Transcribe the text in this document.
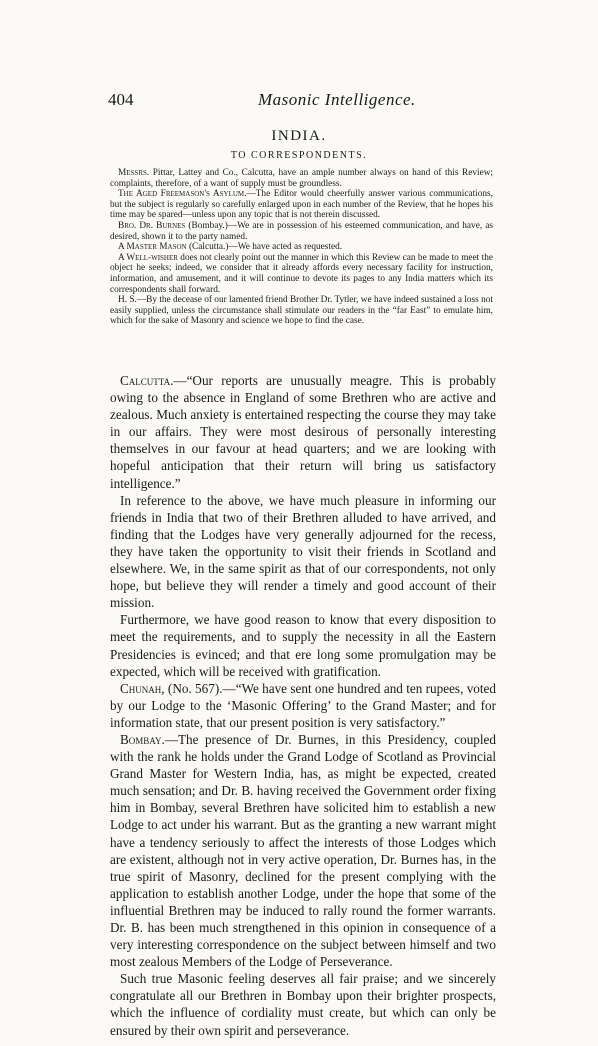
404	Masonic Intelligence.
INDIA.
TO CORRESPONDENTS.

Messrs. Pittar, Lattey and Co., Calcutta, have an ample number always on hand of this Review; complaints, therefore, of a want of supply must be groundless.

The Aged Freemason's Asylum.—The Editor would cheerfully answer various communications, but the subject is regularly so carefully enlarged upon in each number of the Review, that he hopes his time may be spared—unless upon any topic that is not therein discussed.

Bro. Dr. Burnes (Bombay.)—We are in possession of his esteemed communication, and have, as desired, shown it to the party named.

A Master Mason (Calcutta.)—We have acted as requested.

A Well-wisher does not clearly point out the manner in which this Review can be made to meet the object he seeks; indeed, we consider that it already affords every necessary facility for instruction, information, and amusement, and it will continue to devote its pages to any India matters which its correspondents shall forward.

H. S.—By the decease of our lamented friend Brother Dr. Tytler, we have indeed sustained a loss not easily supplied, unless the circumstance shall stimulate our readers in the “far East” to emulate him, which for the sake of Masonry and science we hope to find the case.

Calcutta.—“Our reports are unusually meagre. This is probably owing to the absence in England of some Brethren who are active and zealous. Much anxiety is entertained respecting the course they may take in our affairs. They were most desirous of personally interesting themselves in our favour at head quarters; and we are looking with hopeful anticipation that their return will bring us satisfactory intelligence.”

In reference to the above, we have much pleasure in informing our friends in India that two of their Brethren alluded to have arrived, and finding that the Lodges have very generally adjourned for the recess, they have taken the opportunity to visit their friends in Scotland and elsewhere. We, in the same spirit as that of our correspondents, not only hope, but believe they will render a timely and good account of their mission.

Furthermore, we have good reason to know that every disposition to meet the requirements, and to supply the necessity in all the Eastern Presidencies is evinced; and that ere long some promulgation may be expected, which will be received with gratification.

Chunah, (No. 567).—“We have sent one hundred and ten rupees, voted by our Lodge to the ‘Masonic Offering’ to the Grand Master; and for information state, that our present position is very satisfactory.”

Bombay.—The presence of Dr. Burnes, in this Presidency, coupled with the rank he holds under the Grand Lodge of Scotland as Provincial Grand Master for Western India, has, as might be expected, created much sensation; and Dr. B. having received the Government order fixing him in Bombay, several Brethren have solicited him to establish a new Lodge to act under his warrant. But as the granting a new warrant might have a tendency seriously to affect the interests of those Lodges which are existent, although not in very active operation, Dr. Burnes has, in the true spirit of Masonry, declined for the present complying with the application to establish another Lodge, under the hope that some of the influential Brethren may be induced to rally round the former warrants. Dr. B. has been much strengthened in this opinion in consequence of a very interesting correspondence on the subject between himself and two most zealous Members of the Lodge of Perseverance.

Such true Masonic feeling deserves all fair praise; and we sincerely congratulate all our Brethren in Bombay upon their brighter prospects, which the influence of cordiality must create, but which can only be ensured by their own spirit and perseverance.
